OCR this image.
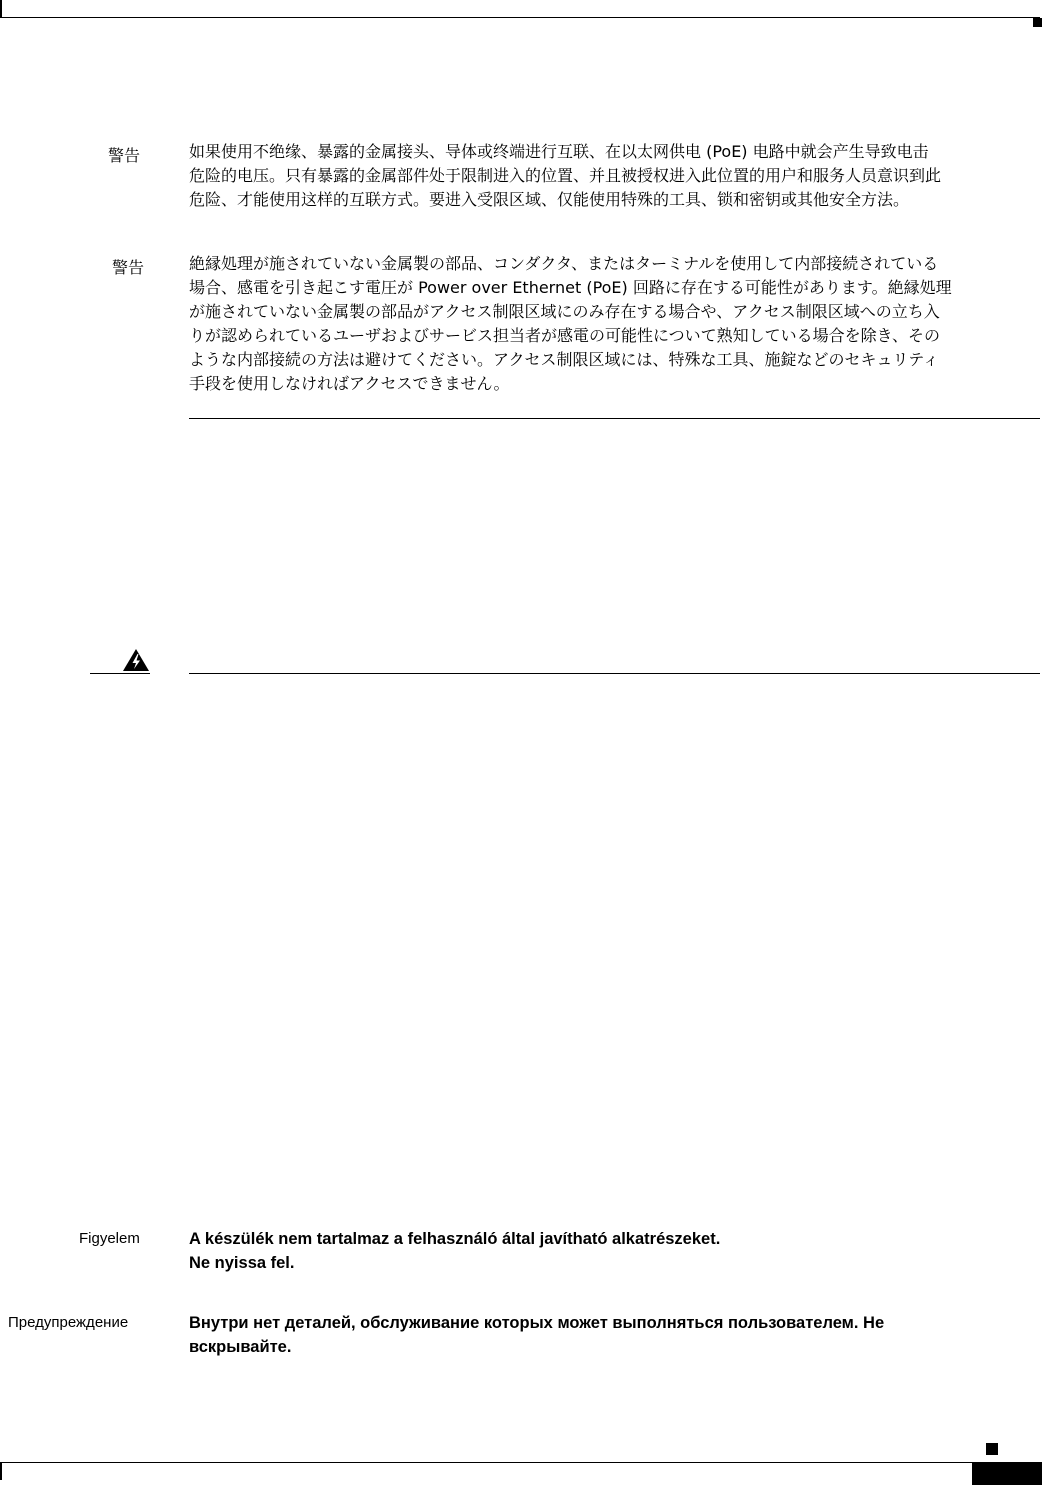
警告	如果使用不绝缘、暴露的金属接头、导体或终端进行互联、在以太网供电 (PoE) 电路中就会产生导致电击
危险的电压。只有暴露的金属部件处于限制进入的位置、并且被授权进入此位置的用户和服务人员意识到此
危险、才能使用这样的互联方式。要进入受限区域、仅能使用特殊的工具、锁和密钥或其他安全方法。
警告	絶縁処理が施されていない金属製の部品、コンダクタ、またはターミナルを使用して内部接続されている
場合、感電を引き起こす電圧が Power over Ethernet (PoE) 回路に存在する可能性があります。絶縁処理
が施されていない金属製の部品がアクセス制限区域にのみ存在する場合や、アクセス制限区域への立ち入
りが認められているユーザおよびサービス担当者が感電の可能性について熟知している場合を除き、その
ような内部接続の方法は避けてください。アクセス制限区域には、特殊な工具、施錠などのセキュリティ
手段を使用しなければアクセスできません。
Figyelem	A készülék nem tartalmaz a felhasználó által javítható alkatrészeket.
Ne nyissa fel.
Предупреждение	Внутри нет деталей, обслуживание которых может выполняться пользователем. Не
вскрывайте.
